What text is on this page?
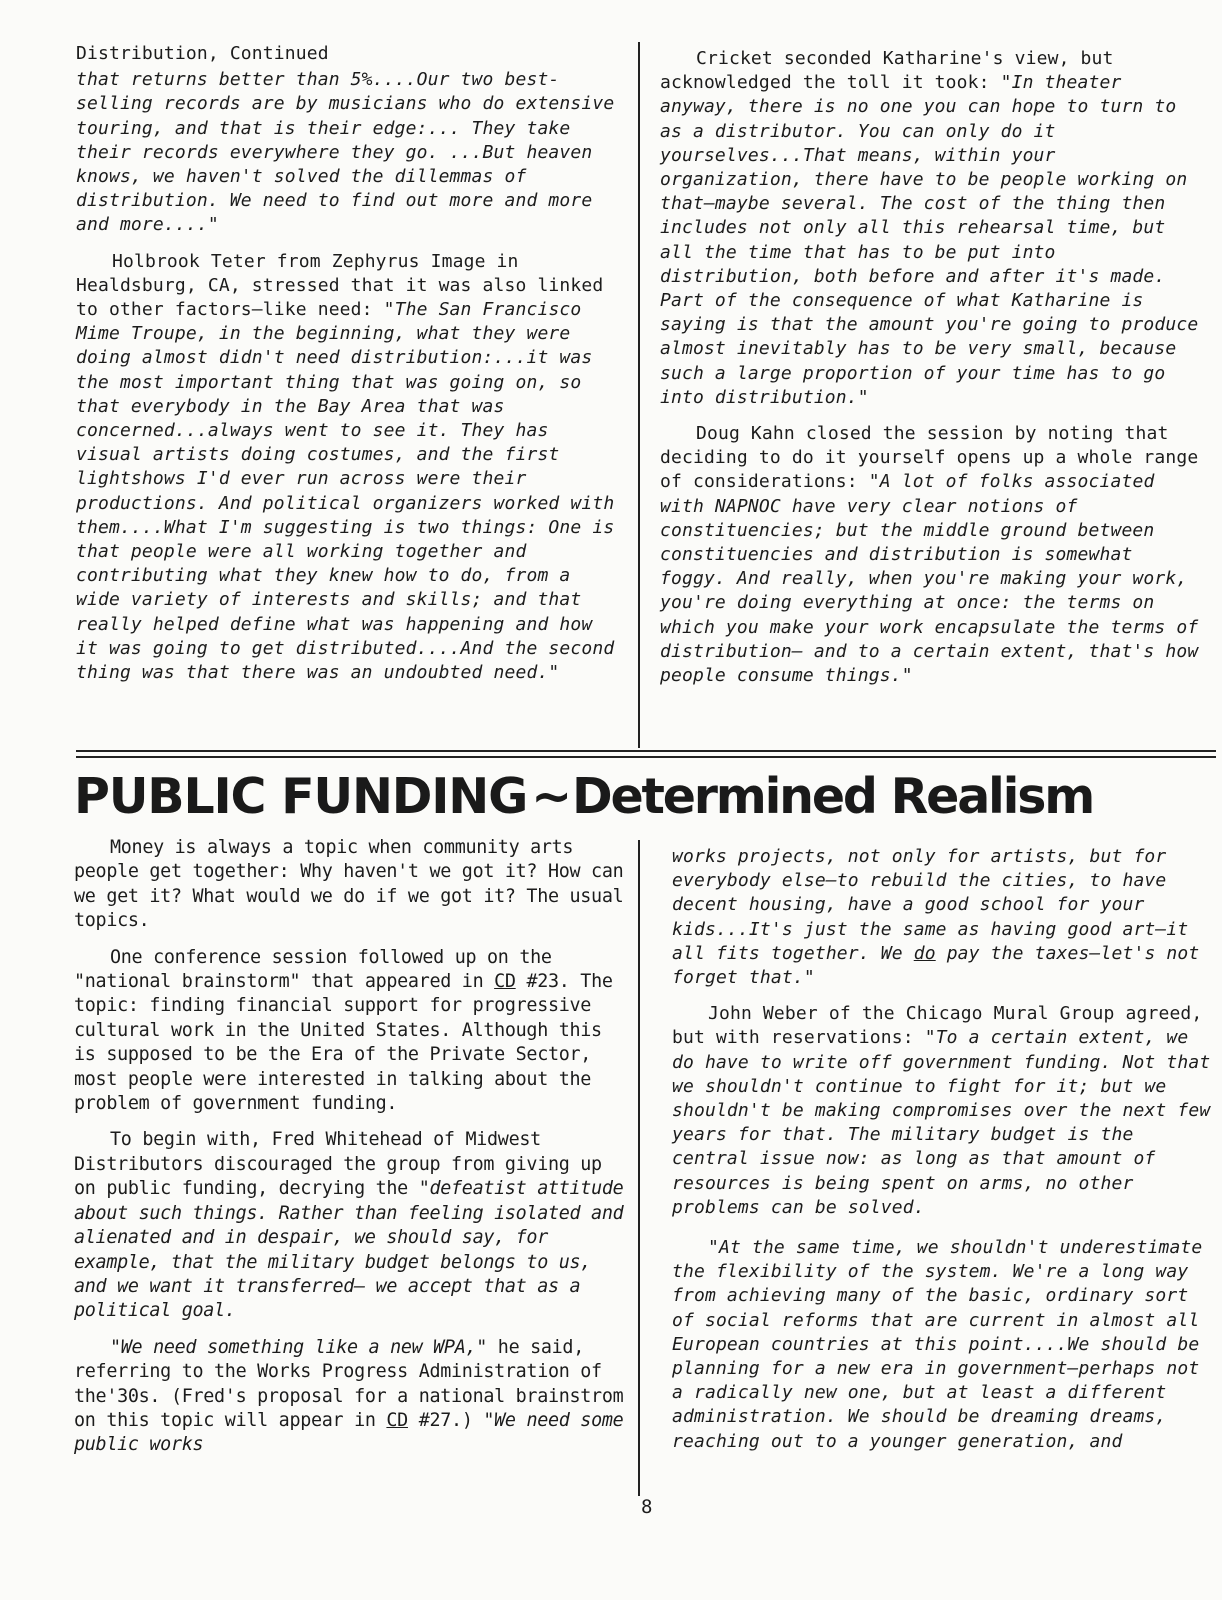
Distribution, Continued

that returns better than 5%....Our two best-selling records are by musicians who do extensive touring, and that is their edge:... They take their records everywhere they go. ...But heaven knows, we haven't solved the dillemmas of distribution. We need to find out more and more and more...."

Holbrook Teter from Zephyrus Image in Healdsburg, CA, stressed that it was also linked to other factors—like need: "The San Francisco Mime Troupe, in the beginning, what they were doing almost didn't need distribution:...it was the most important thing that was going on, so that everybody in the Bay Area that was concerned...always went to see it. They has visual artists doing costumes, and the first lightshows I'd ever run across were their productions. And political organizers worked with them....What I'm suggesting is two things: One is that people were all working together and contributing what they knew how to do, from a wide variety of interests and skills; and that really helped define what was happening and how it was going to get distributed....And the second thing was that there was an undoubted need."

Cricket seconded Katharine's view, but acknowledged the toll it took: "In theater anyway, there is no one you can hope to turn to as a distributor. You can only do it yourselves...That means, within your organization, there have to be people working on that—maybe several. The cost of the thing then includes not only all this rehearsal time, but all the time that has to be put into distribution, both before and after it's made. Part of the consequence of what Katharine is saying is that the amount you're going to produce almost inevitably has to be very small, because such a large proportion of your time has to go into distribution."

Doug Kahn closed the session by noting that deciding to do it yourself opens up a whole range of considerations: "A lot of folks associated with NAPNOC have very clear notions of constituencies; but the middle ground between constituencies and distribution is somewhat foggy. And really, when you're making your work, you're doing everything at once: the terms on which you make your work encapsulate the terms of distribution— and to a certain extent, that's how people consume things."

PUBLIC FUNDING~Determined Realism

Money is always a topic when community arts people get together: Why haven't we got it? How can we get it? What would we do if we got it? The usual topics.

One conference session followed up on the "national brainstorm" that appeared in CD #23. The topic: finding financial support for progressive cultural work in the United States. Although this is supposed to be the Era of the Private Sector, most people were interested in talking about the problem of government funding.

To begin with, Fred Whitehead of Midwest Distributors discouraged the group from giving up on public funding, decrying the "defeatist attitude about such things. Rather than feeling isolated and alienated and in despair, we should say, for example, that the military budget belongs to us, and we want it transferred— we accept that as a political goal.

"We need something like a new WPA," he said, referring to the Works Progress Administration of the'30s. (Fred's proposal for a national brainstrom on this topic will appear in CD #27.) "We need some public works

works projects, not only for artists, but for everybody else—to rebuild the cities, to have decent housing, have a good school for your kids...It's just the same as having good art—it all fits together. We do pay the taxes—let's not forget that."

John Weber of the Chicago Mural Group agreed, but with reservations: "To a certain extent, we do have to write off government funding. Not that we shouldn't continue to fight for it; but we shouldn't be making compromises over the next few years for that. The military budget is the central issue now: as long as that amount of resources is being spent on arms, no other problems can be solved.

"At the same time, we shouldn't underestimate the flexibility of the system. We're a long way from achieving many of the basic, ordinary sort of social reforms that are current in almost all European countries at this point....We should be planning for a new era in government—perhaps not a radically new one, but at least a different administration. We should be dreaming dreams, reaching out to a younger generation, and

8
